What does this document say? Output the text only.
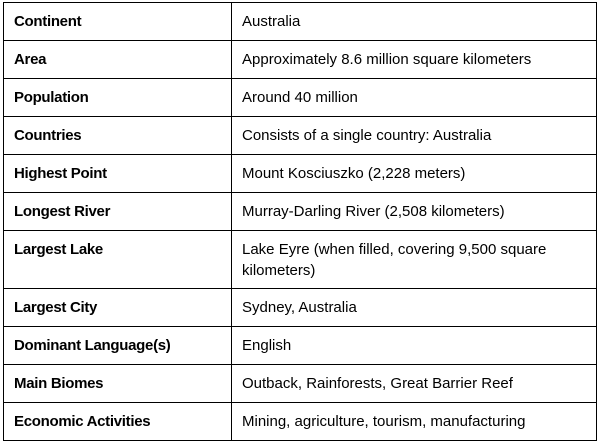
Continent	Australia
Area	Approximately 8.6 million square kilometers
Population	Around 40 million
Countries	Consists of a single country: Australia
Highest Point	Mount Kosciuszko (2,228 meters)
Longest River	Murray-Darling River (2,508 kilometers)
Largest Lake	Lake Eyre (when filled, covering 9,500 square kilometers)
Largest City	Sydney, Australia
Dominant Language(s)	English
Main Biomes	Outback, Rainforests, Great Barrier Reef
Economic Activities	Mining, agriculture, tourism, manufacturing
